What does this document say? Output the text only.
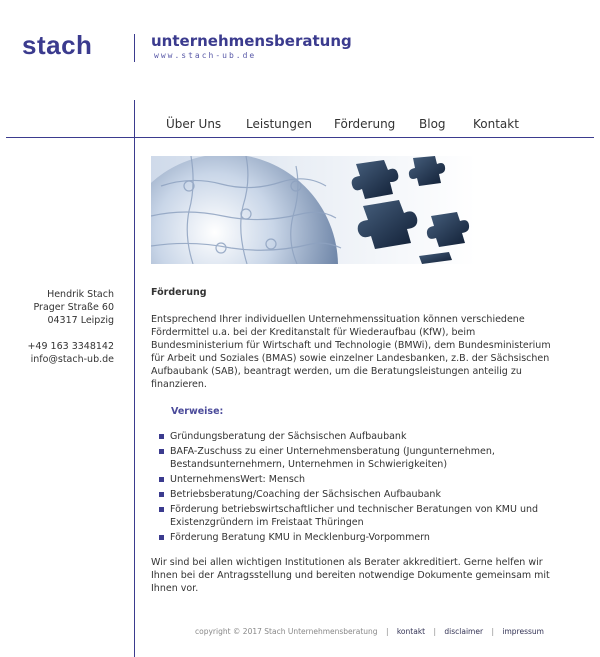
stach	unternehmensberatung
www.stach-ub.de
Über Uns Leistungen Förderung Blog Kontakt
Hendrik Stach
Prager Straße 60
04317 Leipzig
+49 163 3348142
info@stach-ub.de
Förderung

Entsprechend Ihrer individuellen Unternehmenssituation können verschiedene Fördermittel u.a. bei der Kreditanstalt für Wiederaufbau (KfW), beim Bundesministerium für Wirtschaft und Technologie (BMWi), dem Bundesministerium für Arbeit und Soziales (BMAS) sowie einzelner Landesbanken, z.B. der Sächsischen Aufbaubank (SAB), beantragt werden, um die Beratungsleistungen anteilig zu finanzieren.

Verweise:
Gründungsberatung der Sächsischen Aufbaubank
BAFA-Zuschuss zu einer Unternehmensberatung (Jungunternehmen, Bestandsunternehmern, Unternehmen in Schwierigkeiten)
UnternehmensWert: Mensch
Betriebsberatung/Coaching der Sächsischen Aufbaubank
Förderung betriebswirtschaftlicher und technischer Beratungen von KMU und Existenzgründern im Freistaat Thüringen
Förderung Beratung KMU in Mecklenburg-Vorpommern

Wir sind bei allen wichtigen Institutionen als Berater akkreditiert. Gerne helfen wir Ihnen bei der Antragsstellung und bereiten notwendige Dokumente gemeinsam mit Ihnen vor.

copyright © 2017 Stach Unternehmensberatung | kontakt | disclaimer | impressum
